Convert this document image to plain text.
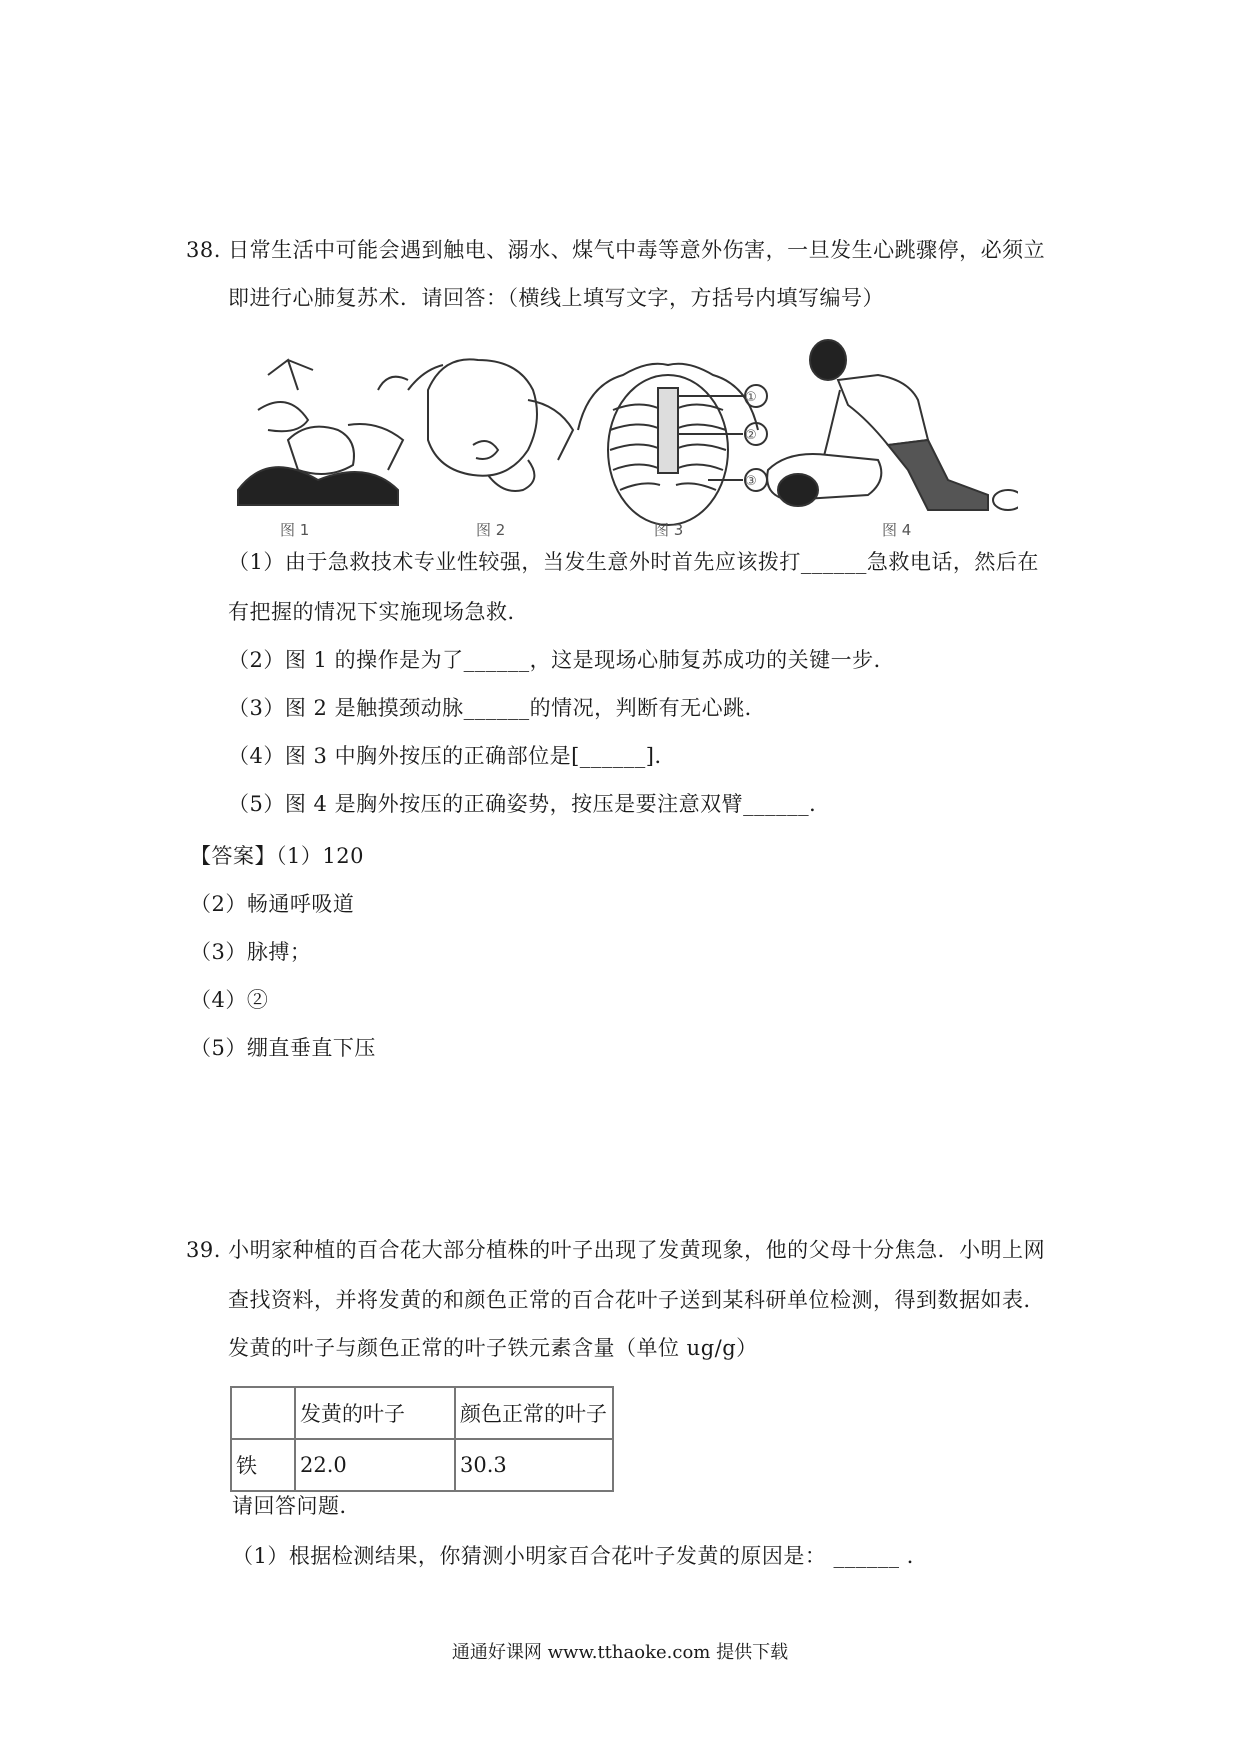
38. 日常生活中可能会遇到触电、溺水、煤气中毒等意外伤害，一旦发生心跳骤停，必须立
即进行心肺复苏术．请回答：（横线上填写文字，方括号内填写编号）
图 1	图 2
①
②
③
图 3	图 4
（1）由于急救技术专业性较强，当发生意外时首先应该拨打______急救电话，然后在
有把握的情况下实施现场急救．
（2）图 1 的操作是为了______，这是现场心肺复苏成功的关键一步．
（3）图 2 是触摸颈动脉______的情况，判断有无心跳．
（4）图 3 中胸外按压的正确部位是[______]．
（5）图 4 是胸外按压的正确姿势，按压是要注意双臂______．
【答案】（1）120
（2）畅通呼吸道
（3）脉搏；
（4）②
（5）绷直垂直下压
39. 小明家种植的百合花大部分植株的叶子出现了发黄现象，他的父母十分焦急．小明上网
查找资料，并将发黄的和颜色正常的百合花叶子送到某科研单位检测，得到数据如表．
发黄的叶子与颜色正常的叶子铁元素含量（单位 ug/g）
	发黄的叶子	颜色正常的叶子
铁	22.0	30.3
请回答问题．
（1）根据检测结果，你猜测小明家百合花叶子发黄的原因是： ______ ．
通通好课网 www.tthaoke.com 提供下载
